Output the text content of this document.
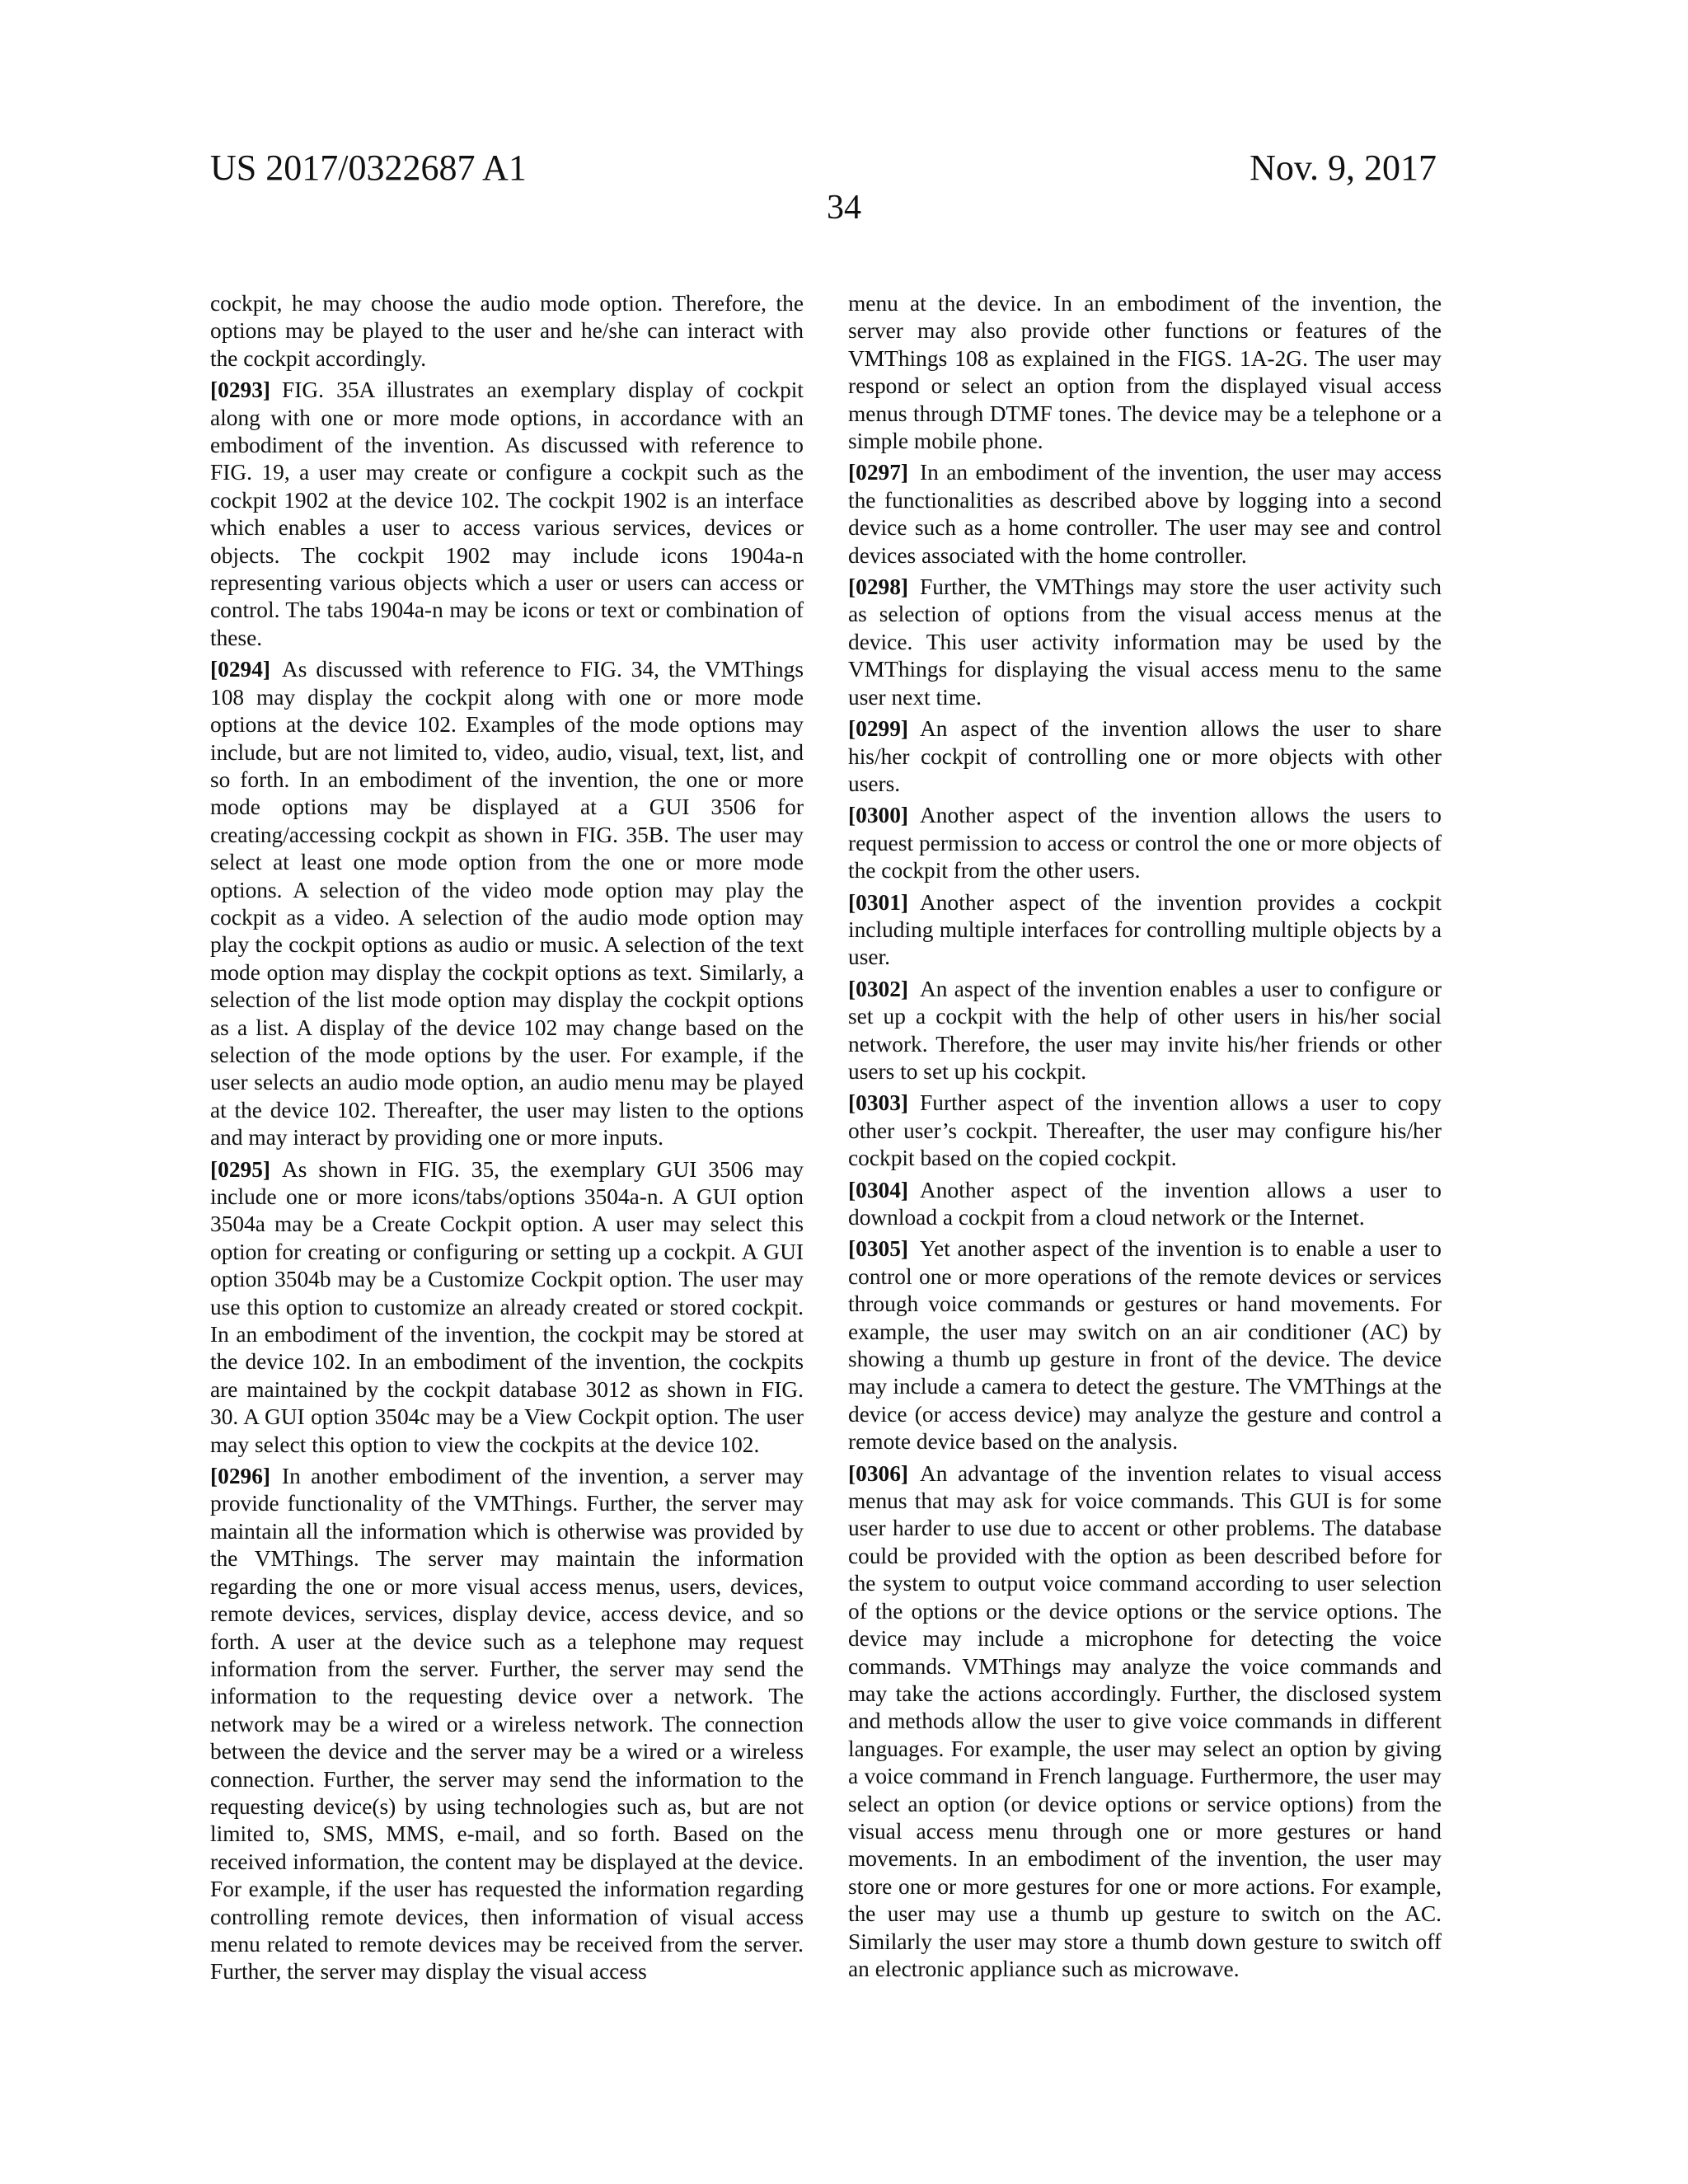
US 2017/0322687 A1	Nov. 9, 2017
34

cockpit, he may choose the audio mode option. Therefore, the options may be played to the user and he/she can interact with the cockpit accordingly.

[0293] FIG. 35A illustrates an exemplary display of cockpit along with one or more mode options, in accordance with an embodiment of the invention. As discussed with reference to FIG. 19, a user may create or configure a cockpit such as the cockpit 1902 at the device 102. The cockpit 1902 is an interface which enables a user to access various services, devices or objects. The cockpit 1902 may include icons 1904a-n representing various objects which a user or users can access or control. The tabs 1904a-n may be icons or text or combination of these.

[0294] As discussed with reference to FIG. 34, the VMThings 108 may display the cockpit along with one or more mode options at the device 102. Examples of the mode options may include, but are not limited to, video, audio, visual, text, list, and so forth. In an embodiment of the invention, the one or more mode options may be displayed at a GUI 3506 for creating/accessing cockpit as shown in FIG. 35B. The user may select at least one mode option from the one or more mode options. A selection of the video mode option may play the cockpit as a video. A selection of the audio mode option may play the cockpit options as audio or music. A selection of the text mode option may display the cockpit options as text. Similarly, a selection of the list mode option may display the cockpit options as a list. A display of the device 102 may change based on the selection of the mode options by the user. For example, if the user selects an audio mode option, an audio menu may be played at the device 102. Thereafter, the user may listen to the options and may interact by providing one or more inputs.

[0295] As shown in FIG. 35, the exemplary GUI 3506 may include one or more icons/tabs/options 3504a-n. A GUI option 3504a may be a Create Cockpit option. A user may select this option for creating or configuring or setting up a cockpit. A GUI option 3504b may be a Customize Cockpit option. The user may use this option to customize an already created or stored cockpit. In an embodiment of the invention, the cockpit may be stored at the device 102. In an embodiment of the invention, the cockpits are maintained by the cockpit database 3012 as shown in FIG. 30. A GUI option 3504c may be a View Cockpit option. The user may select this option to view the cockpits at the device 102.

[0296] In another embodiment of the invention, a server may provide functionality of the VMThings. Further, the server may maintain all the information which is otherwise was provided by the VMThings. The server may maintain the information regarding the one or more visual access menus, users, devices, remote devices, services, display device, access device, and so forth. A user at the device such as a telephone may request information from the server. Further, the server may send the information to the requesting device over a network. The network may be a wired or a wireless network. The connection between the device and the server may be a wired or a wireless connection. Further, the server may send the information to the requesting device(s) by using technologies such as, but are not limited to, SMS, MMS, e-mail, and so forth. Based on the received information, the content may be displayed at the device. For example, if the user has requested the information regarding controlling remote devices, then information of visual access menu related to remote devices may be received from the server. Further, the server may display the visual access

menu at the device. In an embodiment of the invention, the server may also provide other functions or features of the VMThings 108 as explained in the FIGS. 1A-2G. The user may respond or select an option from the displayed visual access menus through DTMF tones. The device may be a telephone or a simple mobile phone.

[0297] In an embodiment of the invention, the user may access the functionalities as described above by logging into a second device such as a home controller. The user may see and control devices associated with the home controller.

[0298] Further, the VMThings may store the user activity such as selection of options from the visual access menus at the device. This user activity information may be used by the VMThings for displaying the visual access menu to the same user next time.

[0299] An aspect of the invention allows the user to share his/her cockpit of controlling one or more objects with other users.

[0300] Another aspect of the invention allows the users to request permission to access or control the one or more objects of the cockpit from the other users.

[0301] Another aspect of the invention provides a cockpit including multiple interfaces for controlling multiple objects by a user.

[0302] An aspect of the invention enables a user to configure or set up a cockpit with the help of other users in his/her social network. Therefore, the user may invite his/her friends or other users to set up his cockpit.

[0303] Further aspect of the invention allows a user to copy other user’s cockpit. Thereafter, the user may configure his/her cockpit based on the copied cockpit.

[0304] Another aspect of the invention allows a user to download a cockpit from a cloud network or the Internet.

[0305] Yet another aspect of the invention is to enable a user to control one or more operations of the remote devices or services through voice commands or gestures or hand movements. For example, the user may switch on an air conditioner (AC) by showing a thumb up gesture in front of the device. The device may include a camera to detect the gesture. The VMThings at the device (or access device) may analyze the gesture and control a remote device based on the analysis.

[0306] An advantage of the invention relates to visual access menus that may ask for voice commands. This GUI is for some user harder to use due to accent or other problems. The database could be provided with the option as been described before for the system to output voice command according to user selection of the options or the device options or the service options. The device may include a microphone for detecting the voice commands. VMThings may analyze the voice commands and may take the actions accordingly. Further, the disclosed system and methods allow the user to give voice commands in different languages. For example, the user may select an option by giving a voice command in French language. Furthermore, the user may select an option (or device options or service options) from the visual access menu through one or more gestures or hand movements. In an embodiment of the invention, the user may store one or more gestures for one or more actions. For example, the user may use a thumb up gesture to switch on the AC. Similarly the user may store a thumb down gesture to switch off an electronic appliance such as microwave.
